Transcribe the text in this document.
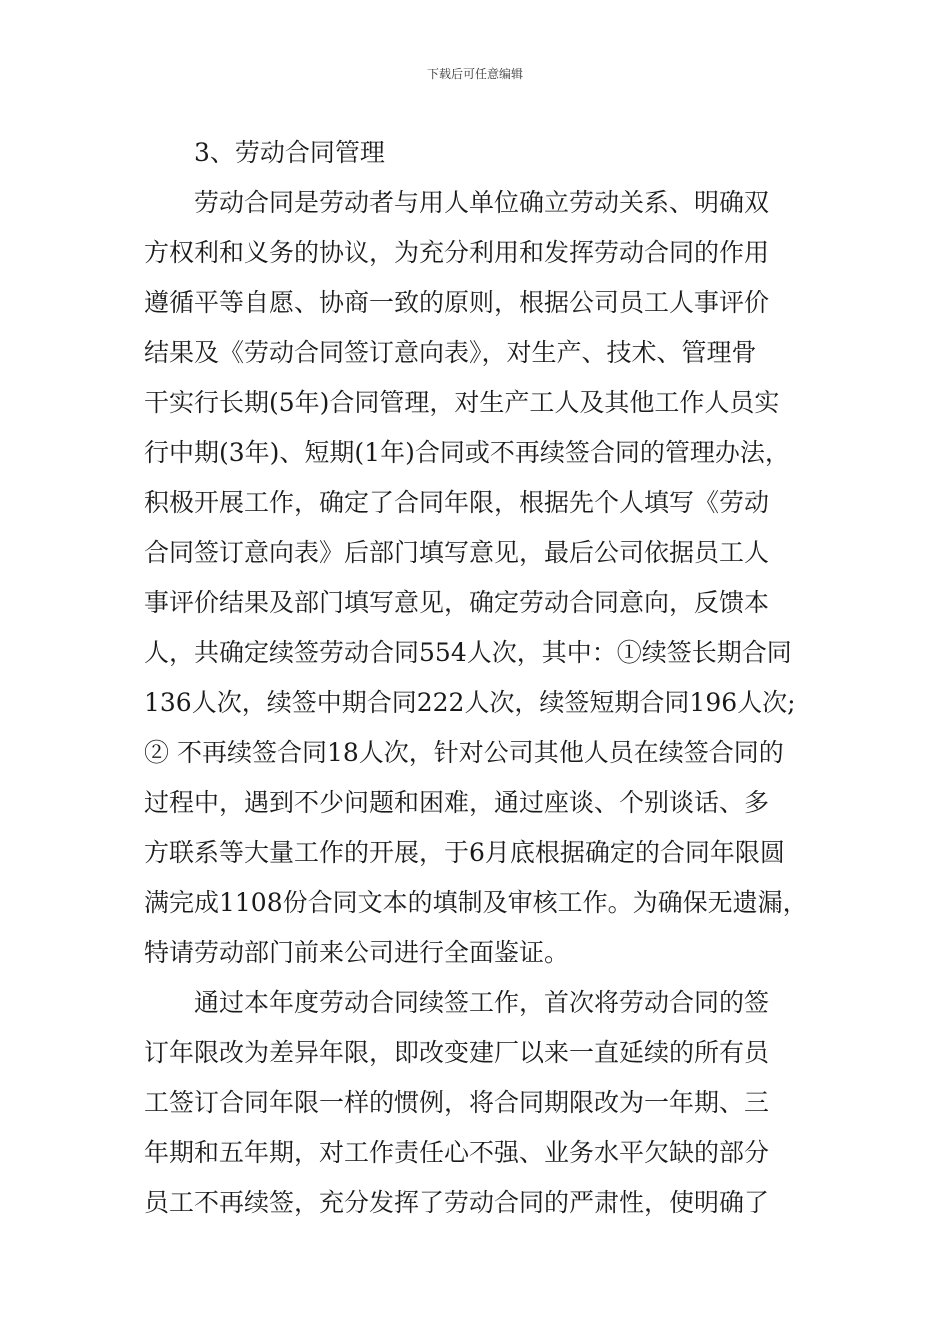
下载后可任意编辑
3、劳动合同管理
劳动合同是劳动者与用人单位确立劳动关系、明确双
方权利和义务的协议，为充分利用和发挥劳动合同的作用
遵循平等自愿、协商一致的原则，根据公司员工人事评价
结果及《劳动合同签订意向表》，对生产、技术、管理骨
干实行长期(5年)合同管理，对生产工人及其他工作人员实
行中期(3年)、短期(1年)合同或不再续签合同的管理办法，
积极开展工作，确定了合同年限，根据先个人填写《劳动
合同签订意向表》后部门填写意见，最后公司依据员工人
事评价结果及部门填写意见，确定劳动合同意向，反馈本
人，共确定续签劳动合同554人次，其中：①续签长期合同
136人次，续签中期合同222人次，续签短期合同196人次;
② 不再续签合同18人次，针对公司其他人员在续签合同的
过程中，遇到不少问题和困难，通过座谈、个别谈话、多
方联系等大量工作的开展，于6月底根据确定的合同年限圆
满完成1108份合同文本的填制及审核工作。为确保无遗漏，
特请劳动部门前来公司进行全面鉴证。
通过本年度劳动合同续签工作，首次将劳动合同的签
订年限改为差异年限，即改变建厂以来一直延续的所有员
工签订合同年限一样的惯例，将合同期限改为一年期、三
年期和五年期，对工作责任心不强、业务水平欠缺的部分
员工不再续签，充分发挥了劳动合同的严肃性，使明确了
